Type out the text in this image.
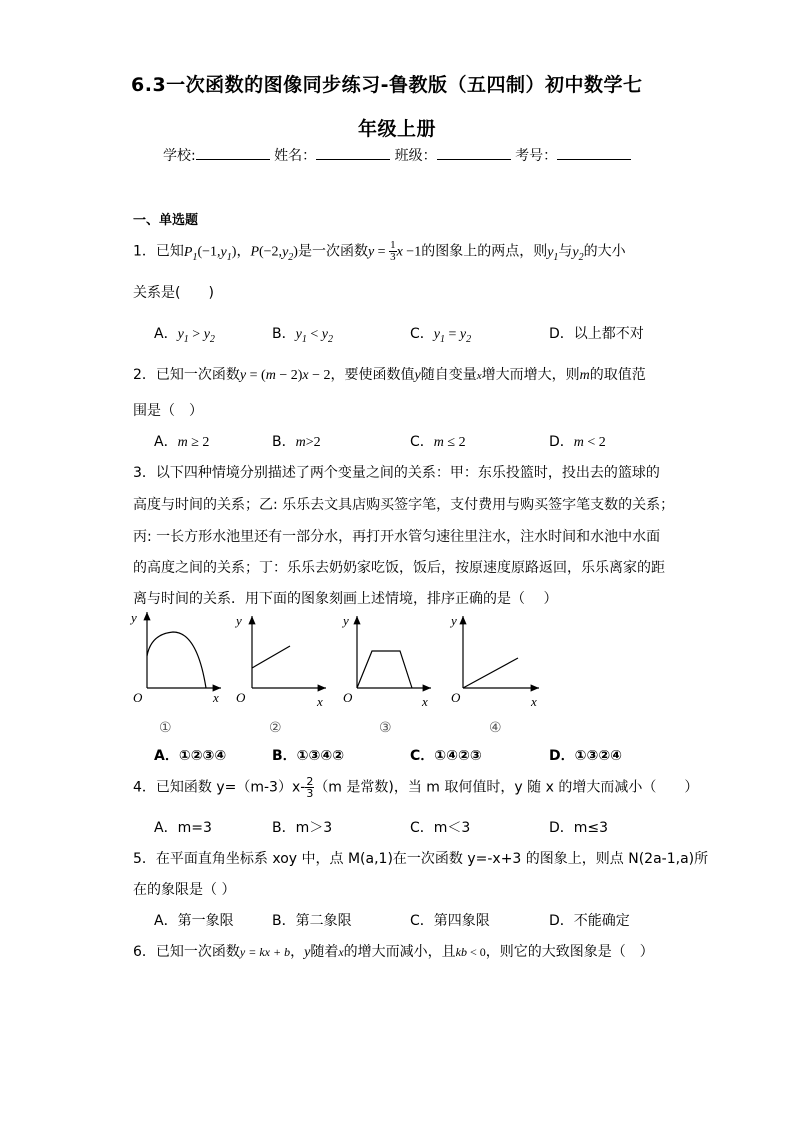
6.3一次函数的图像同步练习-鲁教版（五四制）初中数学七
年级上册
学校:	姓名：	班级：	考号：
一、单选题
1．已知$P_1(-1,y_1)$，$P(-2,y_2)$是一次函数$y = \frac{1}{3}$ x −1的图象上的两点，则$y_1$与$y_2$的大小
关系是(　　)
A．$y_1 > y_2$	B．$y_1 < y_2$	C．$y_1 = y_2$	D．以上都不对
2．已知一次函数y = (m − 2)x − 2，要使函数值y随自变量x增大而增大，则m的取值范
围是（　）
A．m ≥ 2	B．m>2	C．m ≤ 2	D．m < 2
3．以下四种情境分别描述了两个变量之间的关系：甲：东乐投篮时，投出去的篮球的
高度与时间的关系；乙: 乐乐去文具店购买签字笔，支付费用与购买签字笔支数的关系；
丙: 一长方形水池里还有一部分水，再打开水管匀速往里注水，注水时间和水池中水面
的高度之间的关系；丁：乐乐去奶奶家吃饭，饭后，按原速度原路返回，乐乐离家的距
离与时间的关系．用下面的图象刻画上述情境，排序正确的是（　 ）
y
O	x
①
y
O	x
②
y
O	x
③
y
O	x
④
A．①②③④	B．①③④②	C．①④②③	D．①③②④
4．已知函数 $y=(m-3)x- \frac{2}{3} (m$ 是常数)，当 m 取何值时，y 随 x 的增大而减小（　　）
A．m=3	B．m＞3	C．m＜3	D．m≤3
5．在平面直角坐标系 xoy 中，点 M(a,1)在一次函数 y=-x+3 的图象上，则点 N(2a-1,a)所
在的象限是（ ）
A．第一象限	B．第二象限	C．第四象限	D．不能确定
6．已知一次函数y = kx + b，y随着x的增大而减小，且kb < 0，则它的大致图象是（　）
